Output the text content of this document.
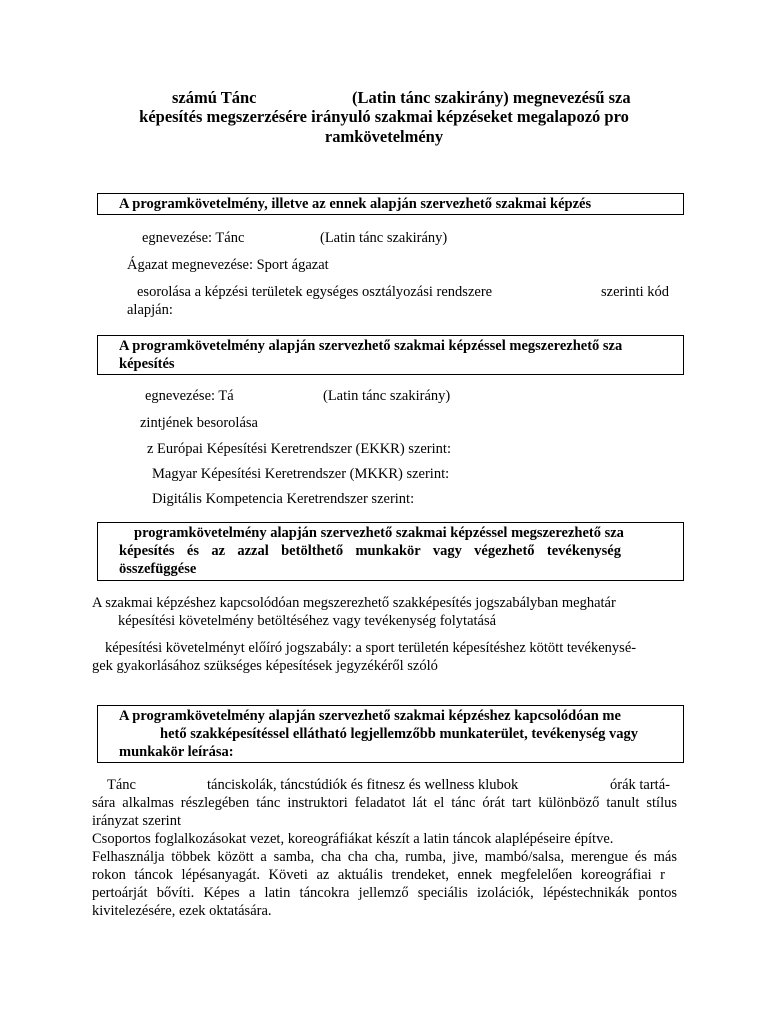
számú Tánc	(Latin tánc szakirány) megnevezésű sza
képesítés megszerzésére irányuló szakmai képzéseket megalapozó pro
ramkövetelmény
A programkövetelmény, illetve az ennek alapján szervezhető szakmai képzés
egnevezése: Tánc	(Latin tánc szakirány)
Ágazat megnevezése: Sport ágazat
esorolása a képzési területek egységes osztályozási rendszere	szerinti kód
alapján:
A programkövetelmény alapján szervezhető szakmai képzéssel megszerezhető sza
képesítés
egnevezése: Tá	(Latin tánc szakirány)
zintjének besorolása
z Európai Képesítési Keretrendszer (EKKR) szerint:
Magyar Képesítési Keretrendszer (MKKR) szerint:
Digitális Kompetencia Keretrendszer szerint:
programkövetelmény alapján szervezhető szakmai képzéssel megszerezhető sza
képesítés és az azzal betölthető munkakör vagy végezhető tevékenység
összefüggése
A szakmai képzéshez kapcsolódóan megszerezhető szakképesítés jogszabályban meghatár
képesítési követelmény betöltéséhez vagy tevékenység folytatásá
képesítési követelményt előíró jogszabály: a sport területén képesítéshez kötött tevékenysé-
gek gyakorlásához szükséges képesítések jegyzékéről szóló
A programkövetelmény alapján szervezhető szakmai képzéshez kapcsolódóan me
hető szakképesítéssel ellátható legjellemzőbb munkaterület, tevékenység vagy
munkakör leírása:
Tánc	tánciskolák, táncstúdiók és fitnesz és wellness klubok	órák tartá-
sára alkalmas részlegében tánc instruktori feladatot lát el tánc órát tart különböző tanult stílus
irányzat szerint
Csoportos foglalkozásokat vezet, koreográfiákat készít a latin táncok alaplépéseire építve.
Felhasználja többek között a samba, cha cha cha, rumba, jive, mambó/salsa, merengue és más
rokon táncok lépésanyagát. Követi az aktuális trendeket, ennek megfelelően koreográfiai r
pertoárját bővíti. Képes a latin táncokra jellemző speciális izolációk, lépéstechnikák pontos
kivitelezésére, ezek oktatására.
